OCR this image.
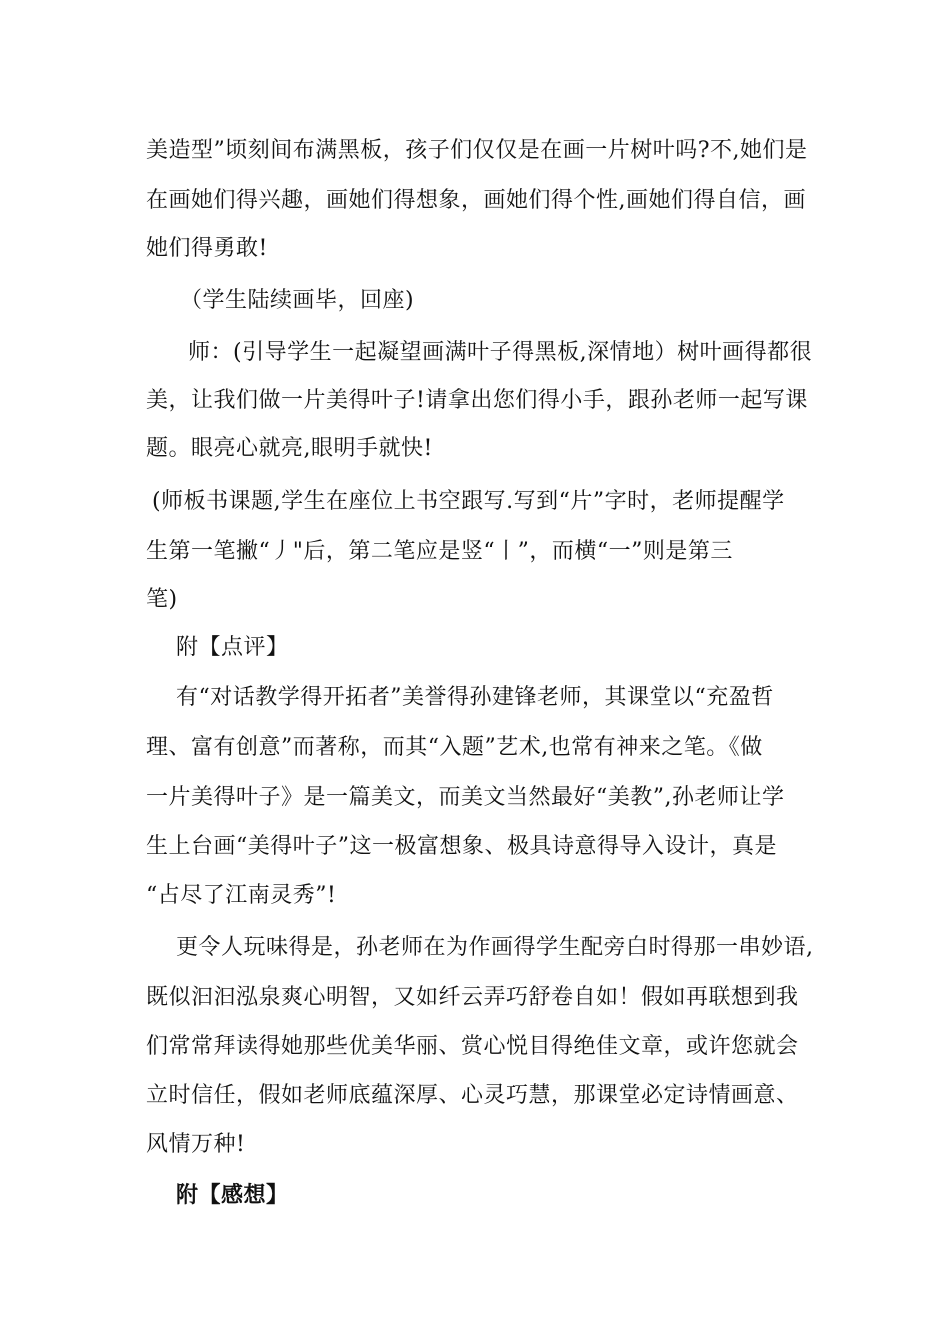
美造型”顷刻间布满黑板，孩子们仅仅是在画一片树叶吗?不,她们是
在画她们得兴趣，画她们得想象，画她们得个性,画她们得自信，画
她们得勇敢!
（学生陆续画毕，回座)
师：(引导学生一起凝望画满叶子得黑板,深情地）树叶画得都很
美，让我们做一片美得叶子!请拿出您们得小手，跟孙老师一起写课
题。眼亮心就亮,眼明手就快!
(师板书课题,学生在座位上书空跟写.写到“片”字时，老师提醒学
生第一笔撇“丿"后，第二笔应是竖“丨”，而横“一”则是第三
笔)
附【点评】
有“对话教学得开拓者”美誉得孙建锋老师，其课堂以“充盈哲
理、富有创意”而著称，而其“入题”艺术,也常有神来之笔。《做
一片美得叶子》是一篇美文，而美文当然最好“美教”,孙老师让学
生上台画“美得叶子”这一极富想象、极具诗意得导入设计，真是
“占尽了江南灵秀”!
更令人玩味得是，孙老师在为作画得学生配旁白时得那一串妙语,
既似汩汩泓泉爽心明智，又如纤云弄巧舒卷自如！假如再联想到我
们常常拜读得她那些优美华丽、赏心悦目得绝佳文章，或许您就会
立时信任，假如老师底蕴深厚、心灵巧慧，那课堂必定诗情画意、
风情万种!
附【感想】
